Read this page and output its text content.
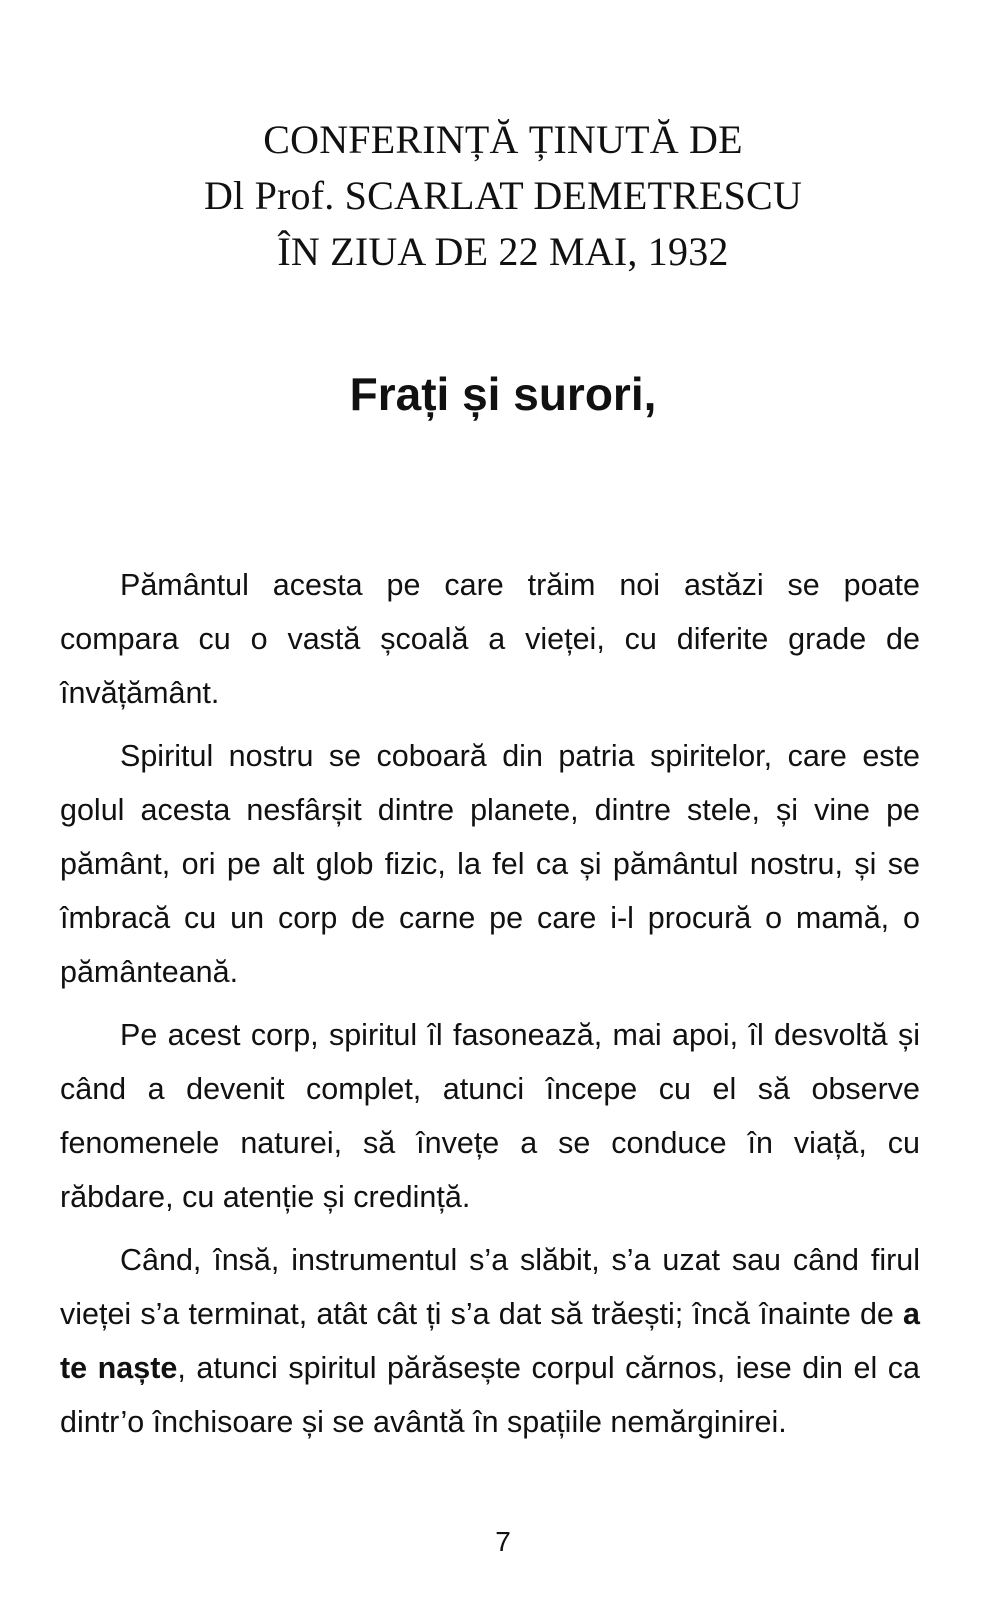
CONFERINȚĂ ȚINUTĂ DE
Dl Prof. SCARLAT DEMETRESCU
ÎN ZIUA DE 22 MAI, 1932
Frați și surori,

Pământul acesta pe care trăim noi astăzi se poate compara cu o vastă școală a vieței, cu diferite grade de învățământ.

Spiritul nostru se coboară din patria spiritelor, care este golul acesta nesfârșit dintre planete, dintre stele, și vine pe pământ, ori pe alt glob fizic, la fel ca și pământul nostru, și se îmbracă cu un corp de carne pe care i-l procură o mamă, o pământeană.

Pe acest corp, spiritul îl fasonează, mai apoi, îl desvoltă și când a devenit complet, atunci începe cu el să observe fenomenele naturei, să învețe a se conduce în viață, cu răbdare, cu atenție și credință.

Când, însă, instrumentul s’a slăbit, s’a uzat sau când firul vieței s’a terminat, atât cât ți s’a dat să trăești; încă înainte de a te naște, atunci spiritul părăsește corpul cărnos, iese din el ca dintr’o închisoare și se avântă în spațiile nemărginirei.

7
